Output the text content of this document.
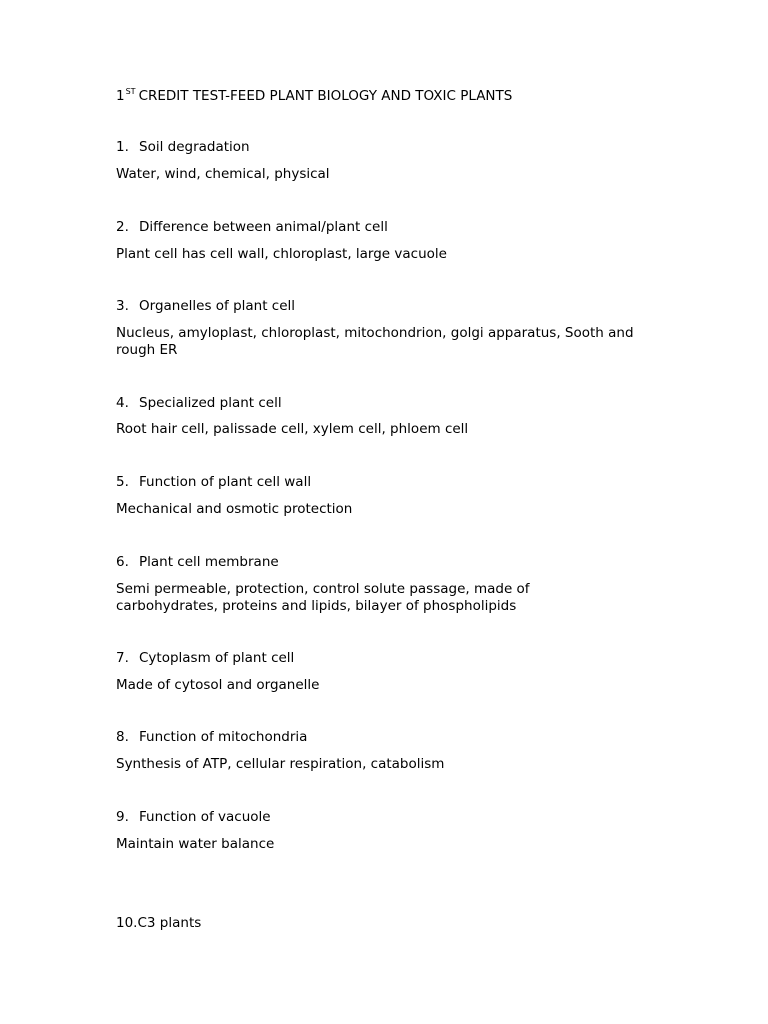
1ST CREDIT TEST-FEED PLANT BIOLOGY AND TOXIC PLANTS
1. Soil degradation
Water, wind, chemical, physical
2. Difference between animal/plant cell
Plant cell has cell wall, chloroplast, large vacuole
3. Organelles of plant cell
Nucleus, amyloplast, chloroplast, mitochondrion, golgi apparatus, Sooth and rough ER
4. Specialized plant cell
Root hair cell, palissade cell, xylem cell, phloem cell
5. Function of plant cell wall
Mechanical and osmotic protection
6. Plant cell membrane
Semi permeable, protection, control solute passage, made of carbohydrates, proteins and lipids, bilayer of phospholipids
7. Cytoplasm of plant cell
Made of cytosol and organelle
8. Function of mitochondria
Synthesis of ATP, cellular respiration, catabolism
9. Function of vacuole
Maintain water balance
10.C3 plants
